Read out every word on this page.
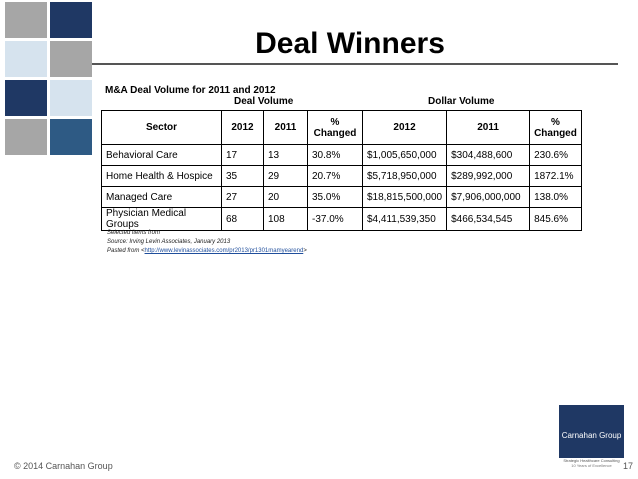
Deal Winners
M&A Deal Volume for 2011 and 2012
Deal Volume	Dollar Volume
Sector	2012	2011	% Changed	2012	2011	% Changed
Behavioral Care	17	13	30.8%	$1,005,650,000	$304,488,600	230.6%
Home Health & Hospice	35	29	20.7%	$5,718,950,000	$289,992,000	1872.1%
Managed Care	27	20	35.0%	$18,815,500,000	$7,906,000,000	138.0%
Physician Medical Groups	68	108	-37.0%	$4,411,539,350	$466,534,545	845.6%
Selected items from
Source: Irving Levin Associates, January 2013
Pasted from <http://www.levinassociates.com/pr2013/pr1301mamyearend>
Carnahan Group
Strategic Healthcare Consulting
10 Years of Excellence
© 2014 Carnahan Group	17
